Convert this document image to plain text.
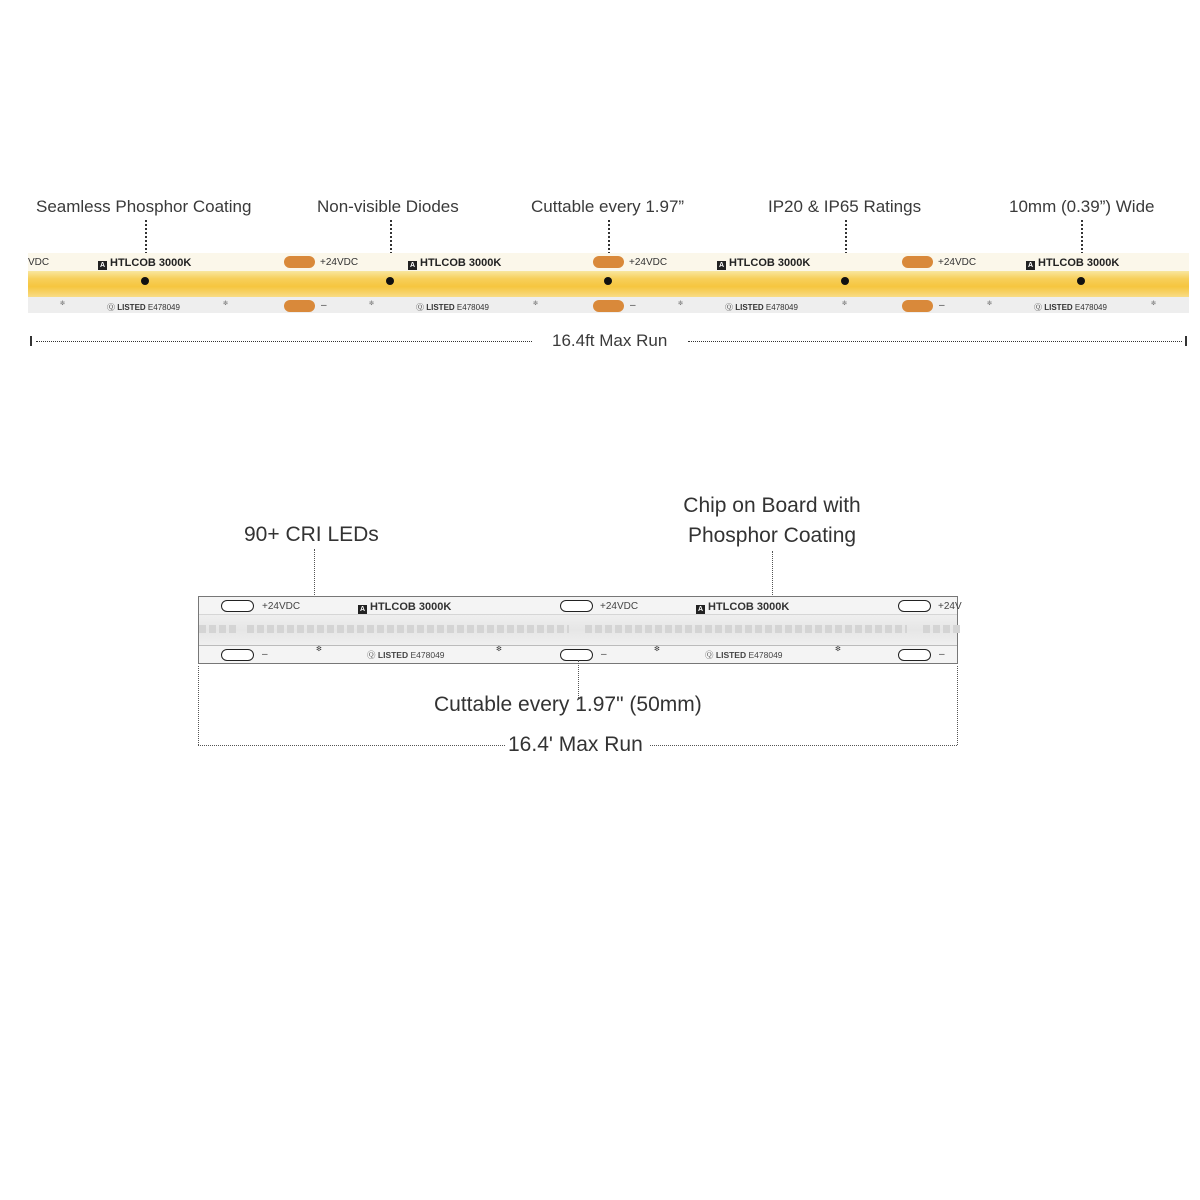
Seamless Phosphor Coating	Non-visible Diodes	Cuttable every 1.97”	IP20 & IP65 Ratings	10mm (0.39”) Wide
VDC	A HTLCOB 3000K
❇	Ⓠ LISTED E478049	❇
+24VDC
–	❇
A HTLCOB 3000K
Ⓠ LISTED E478049	❇
+24VDC
–	❇
A HTLCOB 3000K
Ⓠ LISTED E478049	❇
+24VDC
–	❇
A HTLCOB 3000K
Ⓠ LISTED E478049	❇
16.4ft Max Run
90+ CRI LEDs
Chip on Board with
Phosphor Coating
+24VDC	A HTLCOB 3000K
–	❇
Ⓠ LISTED E478049
❇
+24VDC	A HTLCOB 3000K
–	❇
Ⓠ LISTED E478049
❇
+24V
–
Cuttable every 1.97" (50mm)
16.4' Max Run
